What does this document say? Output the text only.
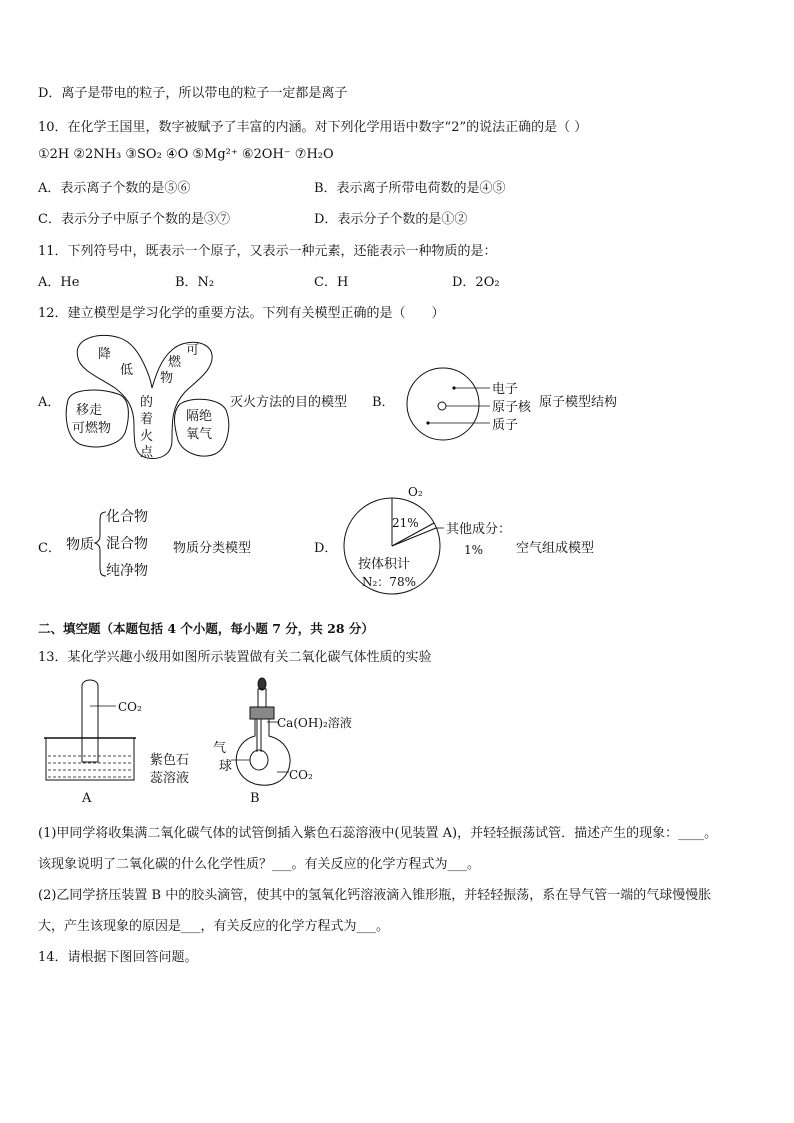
D．离子是带电的粒子，所以带电的粒子一定都是离子
10．在化学王国里，数字被赋予了丰富的内涵。对下列化学用语中数字“2”的说法正确的是（ ）
①2H ②2NH₃ ③SO₂ ④O ⑤Mg²⁺ ⑥2OH⁻ ⑦H₂O
A．表示离子个数的是⑤⑥	B．表示离子所带电荷数的是④⑤
C．表示分子中原子个数的是③⑦	D．表示分子个数的是①②
11．下列符号中，既表示一个原子，又表示一种元素，还能表示一种物质的是：
A．He	B．N₂	C．H	D．2O₂
12．建立模型是学习化学的重要方法。下列有关模型正确的是（　　）
A．
降
低
可
燃
物
的
着
火
点
移走
可燃物
隔绝
氧气
灭火方法的目的模型 B．
电子
原子核
质子
原子模型结构
C． 物质
化合物
混合物
纯净物
物质分类模型	D．
O₂
21% 其他成分：
1%
按体积计
N₂：78%
空气组成模型
二、填空题（本题包括 4 个小题，每小题 7 分，共 28 分）
13．某化学兴趣小级用如图所示装置做有关二氧化碳气体性质的实验
CO₂
紫色石
蕊溶液
A
Ca(OH)₂溶液
气
球
CO₂
B
(1)甲同学将收集满二氧化碳气体的试管倒插入紫色石蕊溶液中(见装置 A)，并轻轻振荡试管．描述产生的现象：____。
该现象说明了二氧化碳的什么化学性质？___。有关反应的化学方程式为___。
(2)乙同学挤压装置 B 中的胶头滴管，使其中的氢氧化钙溶液滴入锥形瓶，并轻轻振荡，系在导气管一端的气球慢慢胀
大，产生该现象的原因是___，有关反应的化学方程式为___。
14．请根据下图回答问题。
